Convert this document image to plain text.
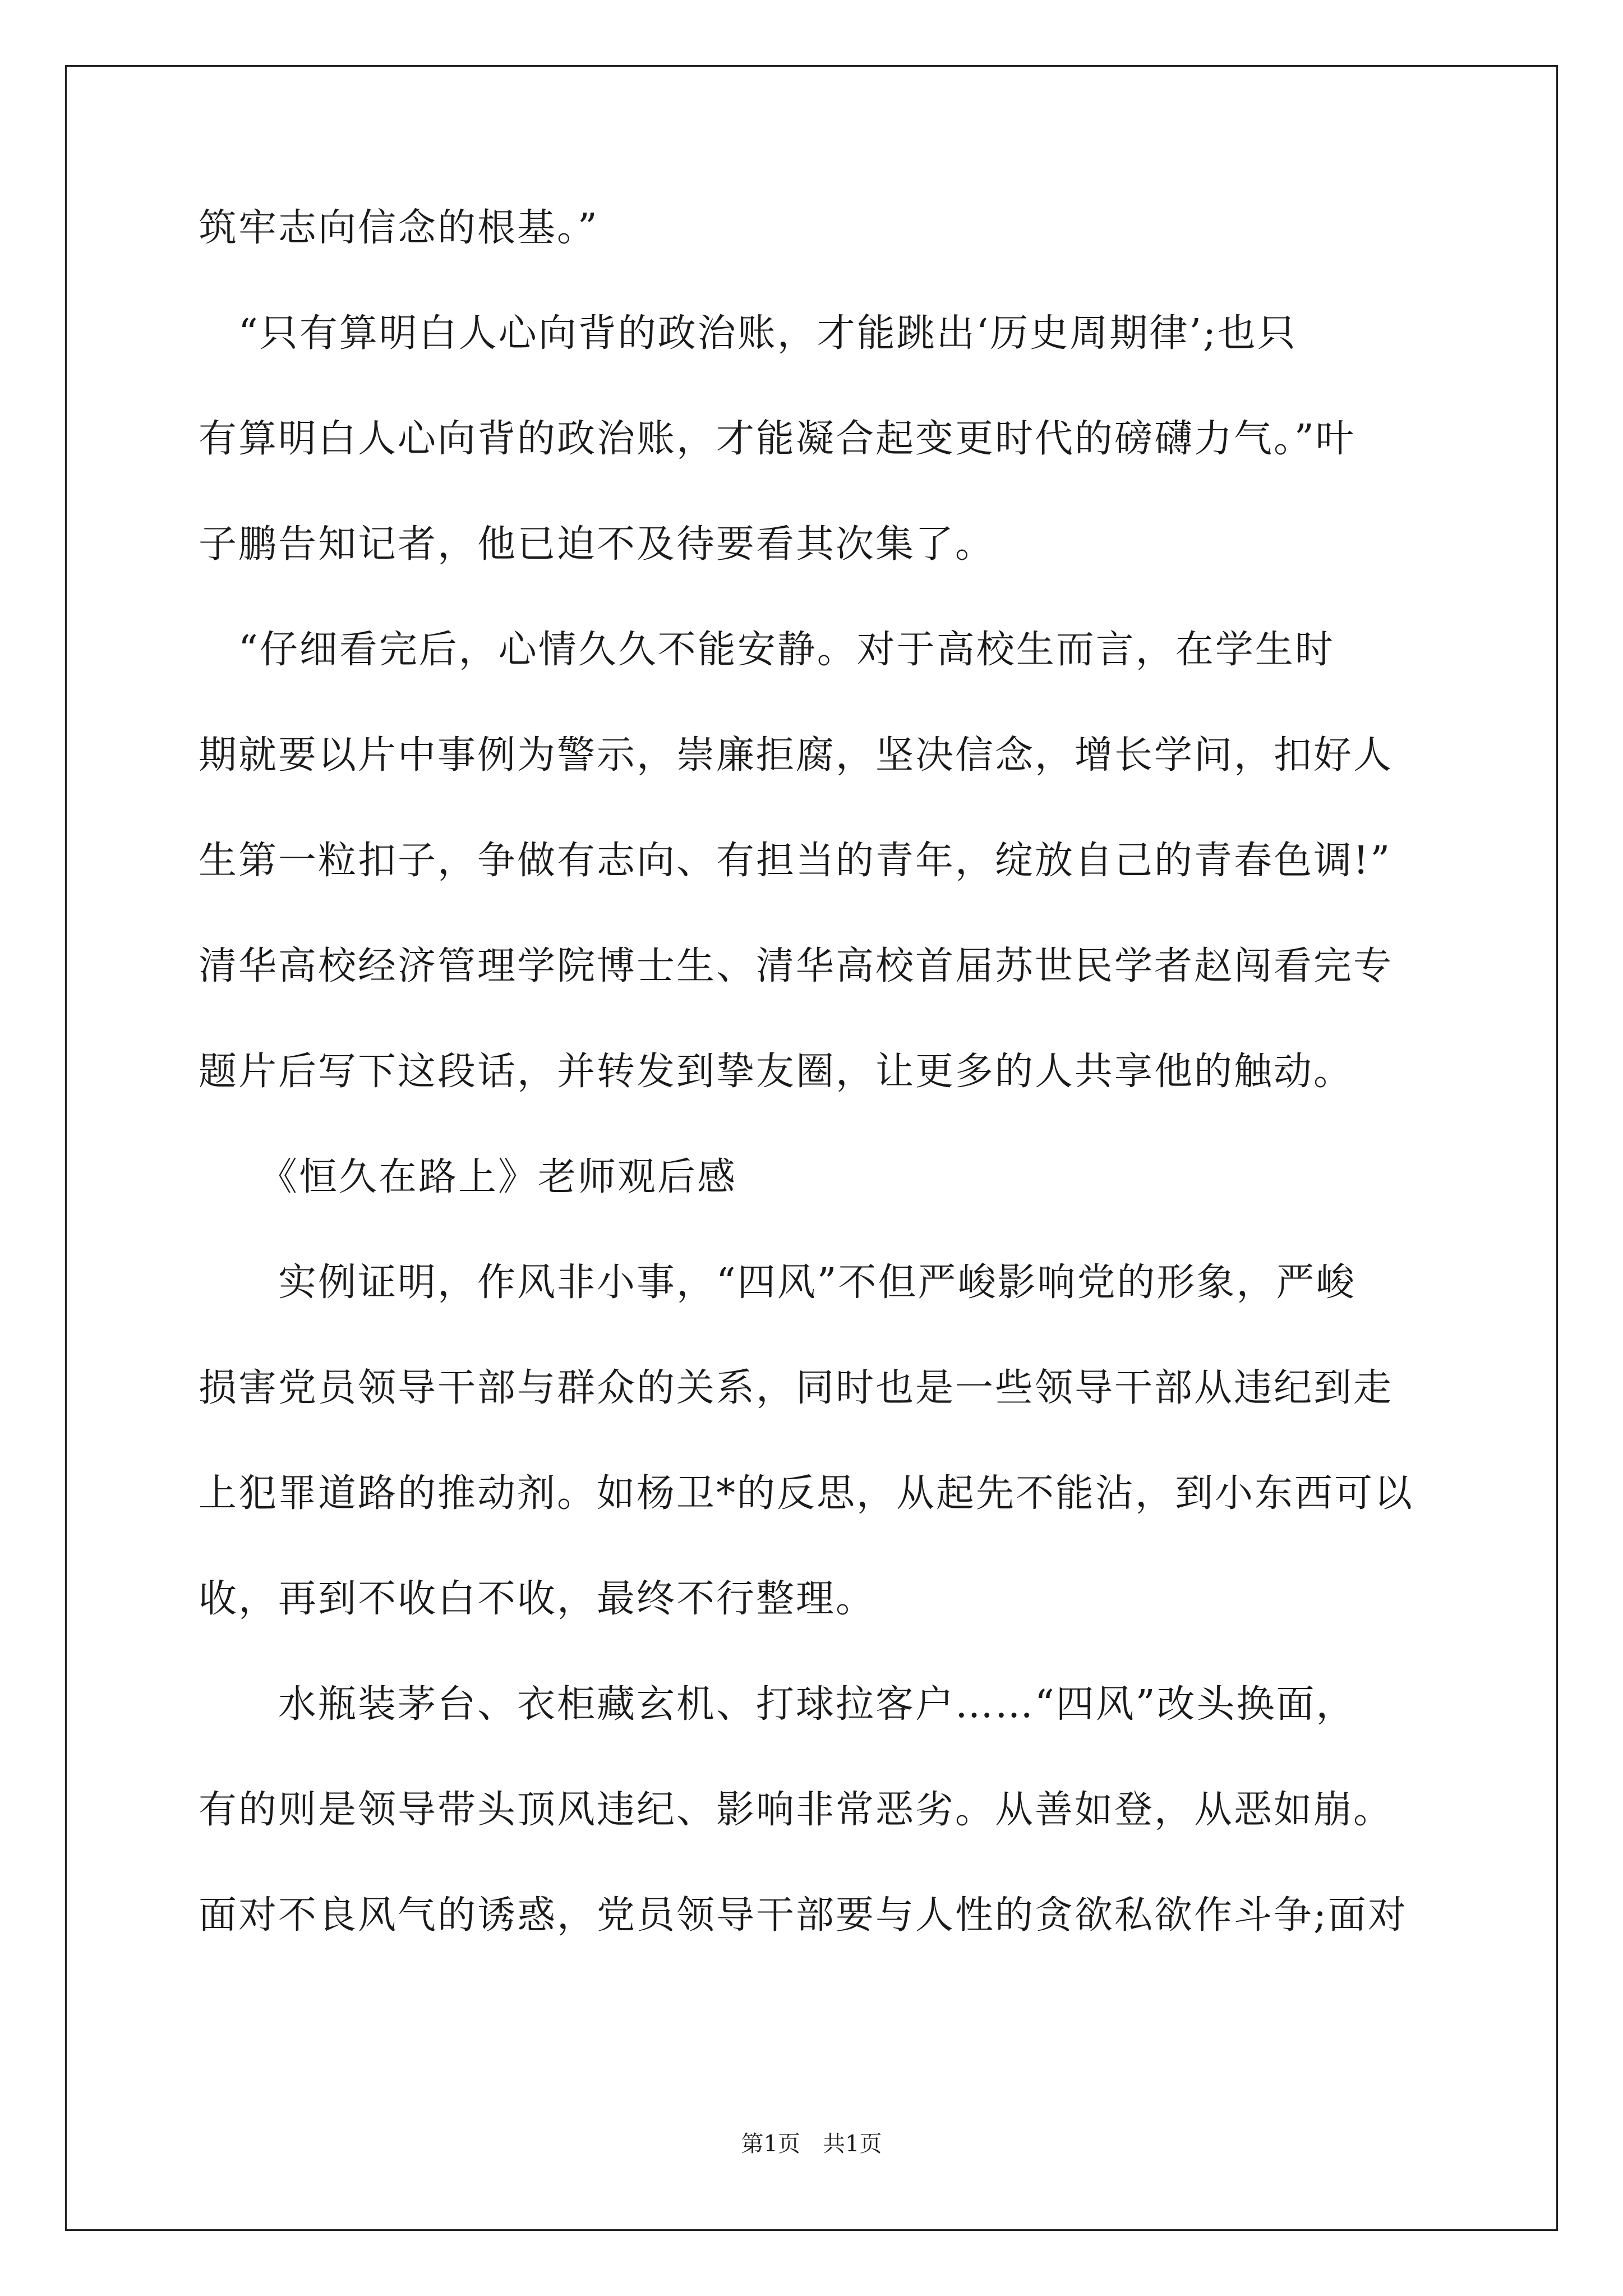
筑牢志向信念的根基。”
　“只有算明白人心向背的政治账，才能跳出‘历史周期律’;也只
有算明白人心向背的政治账，才能凝合起变更时代的磅礴力气。”叶
子鹏告知记者，他已迫不及待要看其次集了。
　“仔细看完后，心情久久不能安静。对于高校生而言，在学生时
期就要以片中事例为警示，崇廉拒腐，坚决信念，增长学问，扣好人
生第一粒扣子，争做有志向、有担当的青年，绽放自己的青春色调!”
清华高校经济管理学院博士生、清华高校首届苏世民学者赵闯看完专
题片后写下这段话，并转发到挚友圈，让更多的人共享他的触动。
　　《恒久在路上》老师观后感
　　实例证明，作风非小事，“四风”不但严峻影响党的形象，严峻
损害党员领导干部与群众的关系，同时也是一些领导干部从违纪到走
上犯罪道路的推动剂。如杨卫*的反思，从起先不能沾，到小东西可以
收，再到不收白不收，最终不行整理。
　　水瓶装茅台、衣柜藏玄机、打球拉客户……“四风”改头换面，
有的则是领导带头顶风违纪、影响非常恶劣。从善如登，从恶如崩。
面对不良风气的诱惑，党员领导干部要与人性的贪欲私欲作斗争;面对
第1页　共1页
